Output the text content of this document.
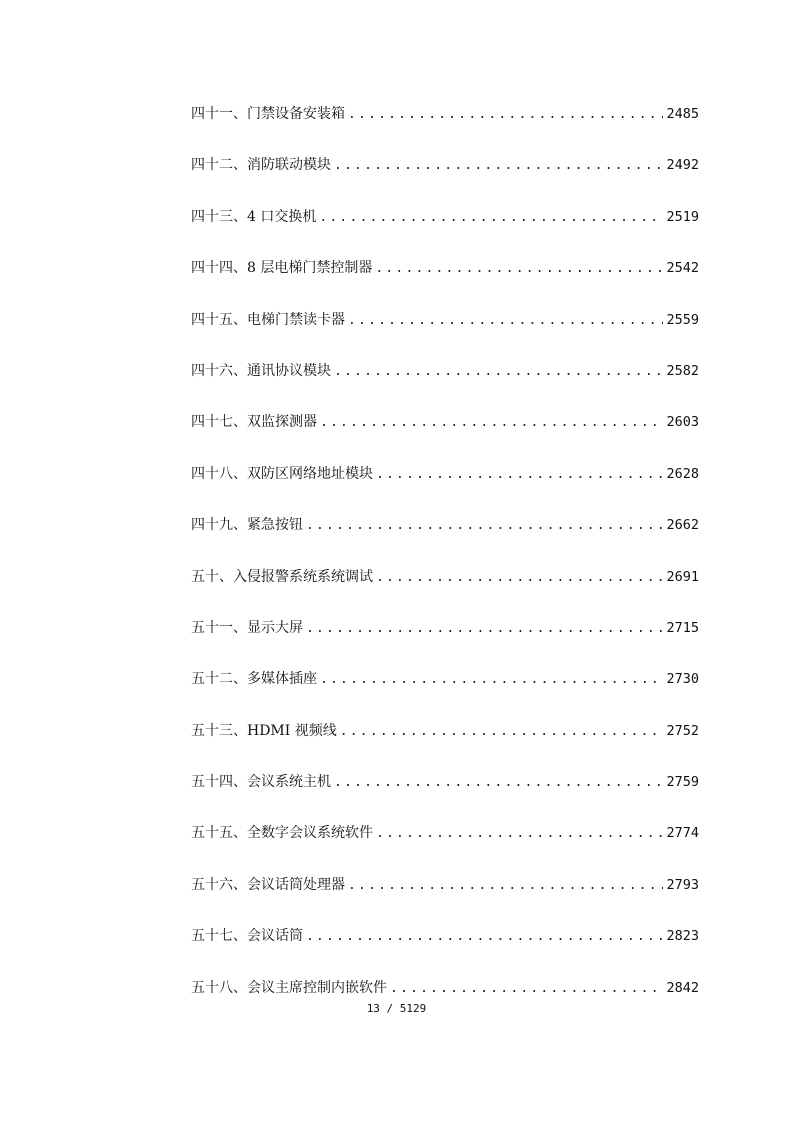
四十一、门禁设备安装箱 .....	2485
四十二、消防联动模块 .....	2492
四十三、4 口交换机 .....	2519
四十四、8 层电梯门禁控制器 .....	2542
四十五、电梯门禁读卡器 .....	2559
四十六、通讯协议模块 .....	2582
四十七、双监探测器 .....	2603
四十八、双防区网络地址模块 .....	2628
四十九、紧急按钮 .....	2662
五十、入侵报警系统系统调试 .....	2691
五十一、显示大屏 .....	2715
五十二、多媒体插座 .....	2730
五十三、HDMI 视频线 .....	2752
五十四、会议系统主机 .....	2759
五十五、全数字会议系统软件 .....	2774
五十六、会议话筒处理器 .....	2793
五十七、会议话筒 .....	2823
五十八、会议主席控制内嵌软件 .....	2842
13 / 5129
